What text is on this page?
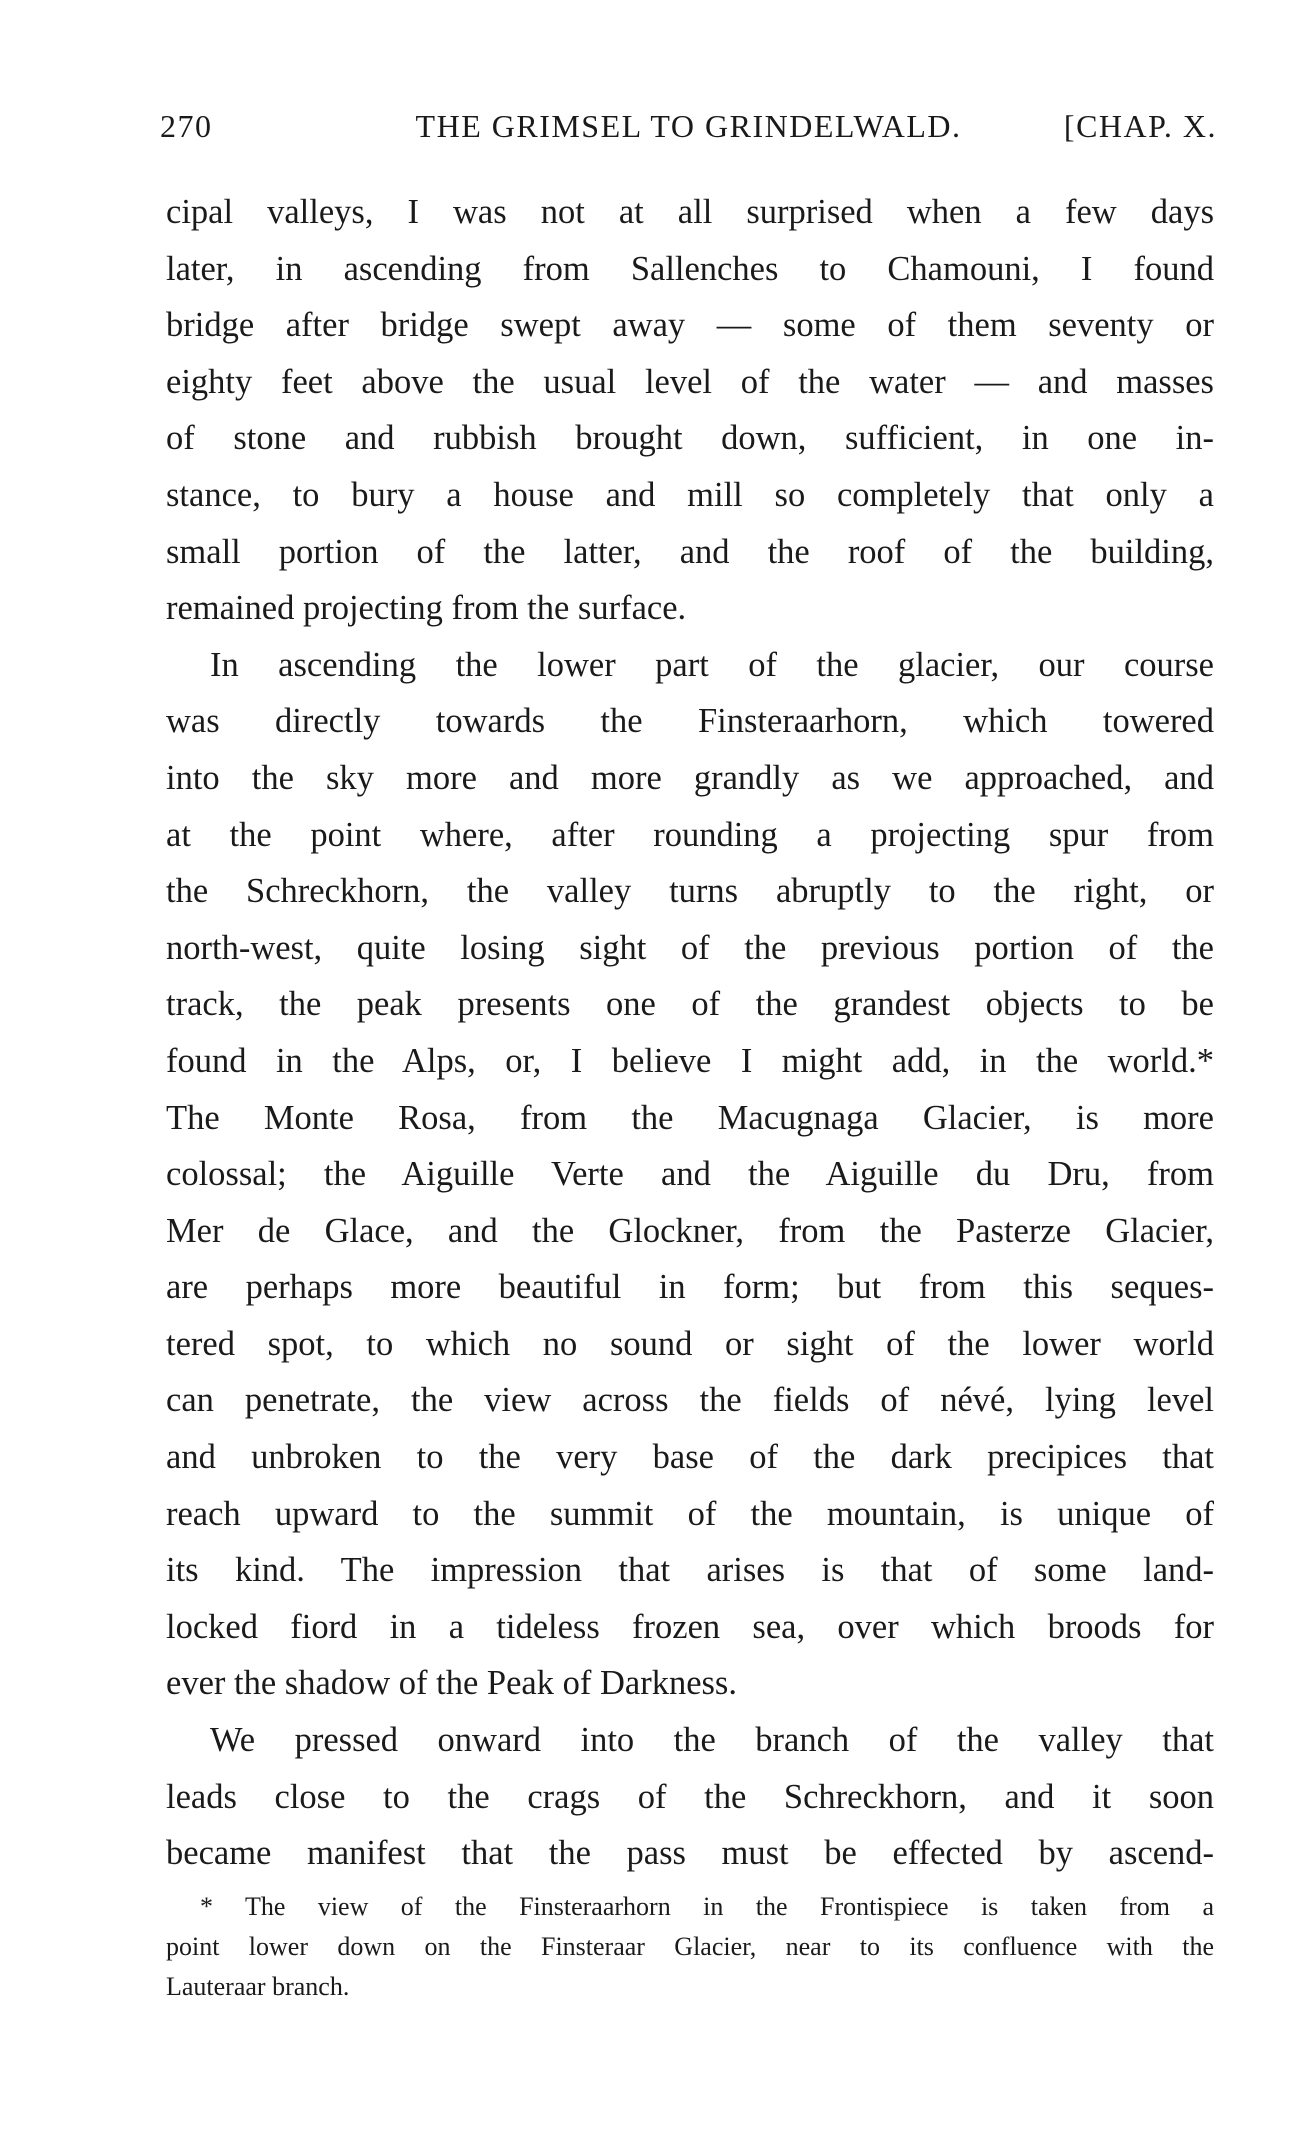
270	THE GRIMSEL TO GRINDELWALD.	[CHAP. X.
cipal valleys, I was not at all surprised when a few days
later, in ascending from Sallenches to Chamouni, I found
bridge after bridge swept away — some of them seventy or
eighty feet above the usual level of the water — and masses
of stone and rubbish brought down, sufficient, in one in-
stance, to bury a house and mill so completely that only a
small portion of the latter, and the roof of the building,
remained projecting from the surface.
In ascending the lower part of the glacier, our course
was directly towards the Finsteraarhorn, which towered
into the sky more and more grandly as we approached, and
at the point where, after rounding a projecting spur from
the Schreckhorn, the valley turns abruptly to the right, or
north-west, quite losing sight of the previous portion of the
track, the peak presents one of the grandest objects to be
found in the Alps, or, I believe I might add, in the world.*
The Monte Rosa, from the Macugnaga Glacier, is more
colossal; the Aiguille Verte and the Aiguille du Dru, from
Mer de Glace, and the Glockner, from the Pasterze Glacier,
are perhaps more beautiful in form; but from this seques-
tered spot, to which no sound or sight of the lower world
can penetrate, the view across the fields of névé, lying level
and unbroken to the very base of the dark precipices that
reach upward to the summit of the mountain, is unique of
its kind. The impression that arises is that of some land-
locked fiord in a tideless frozen sea, over which broods for
ever the shadow of the Peak of Darkness.
We pressed onward into the branch of the valley that
leads close to the crags of the Schreckhorn, and it soon
became manifest that the pass must be effected by ascend-
* The view of the Finsteraarhorn in the Frontispiece is taken from a
point lower down on the Finsteraar Glacier, near to its confluence with the
Lauteraar branch.
